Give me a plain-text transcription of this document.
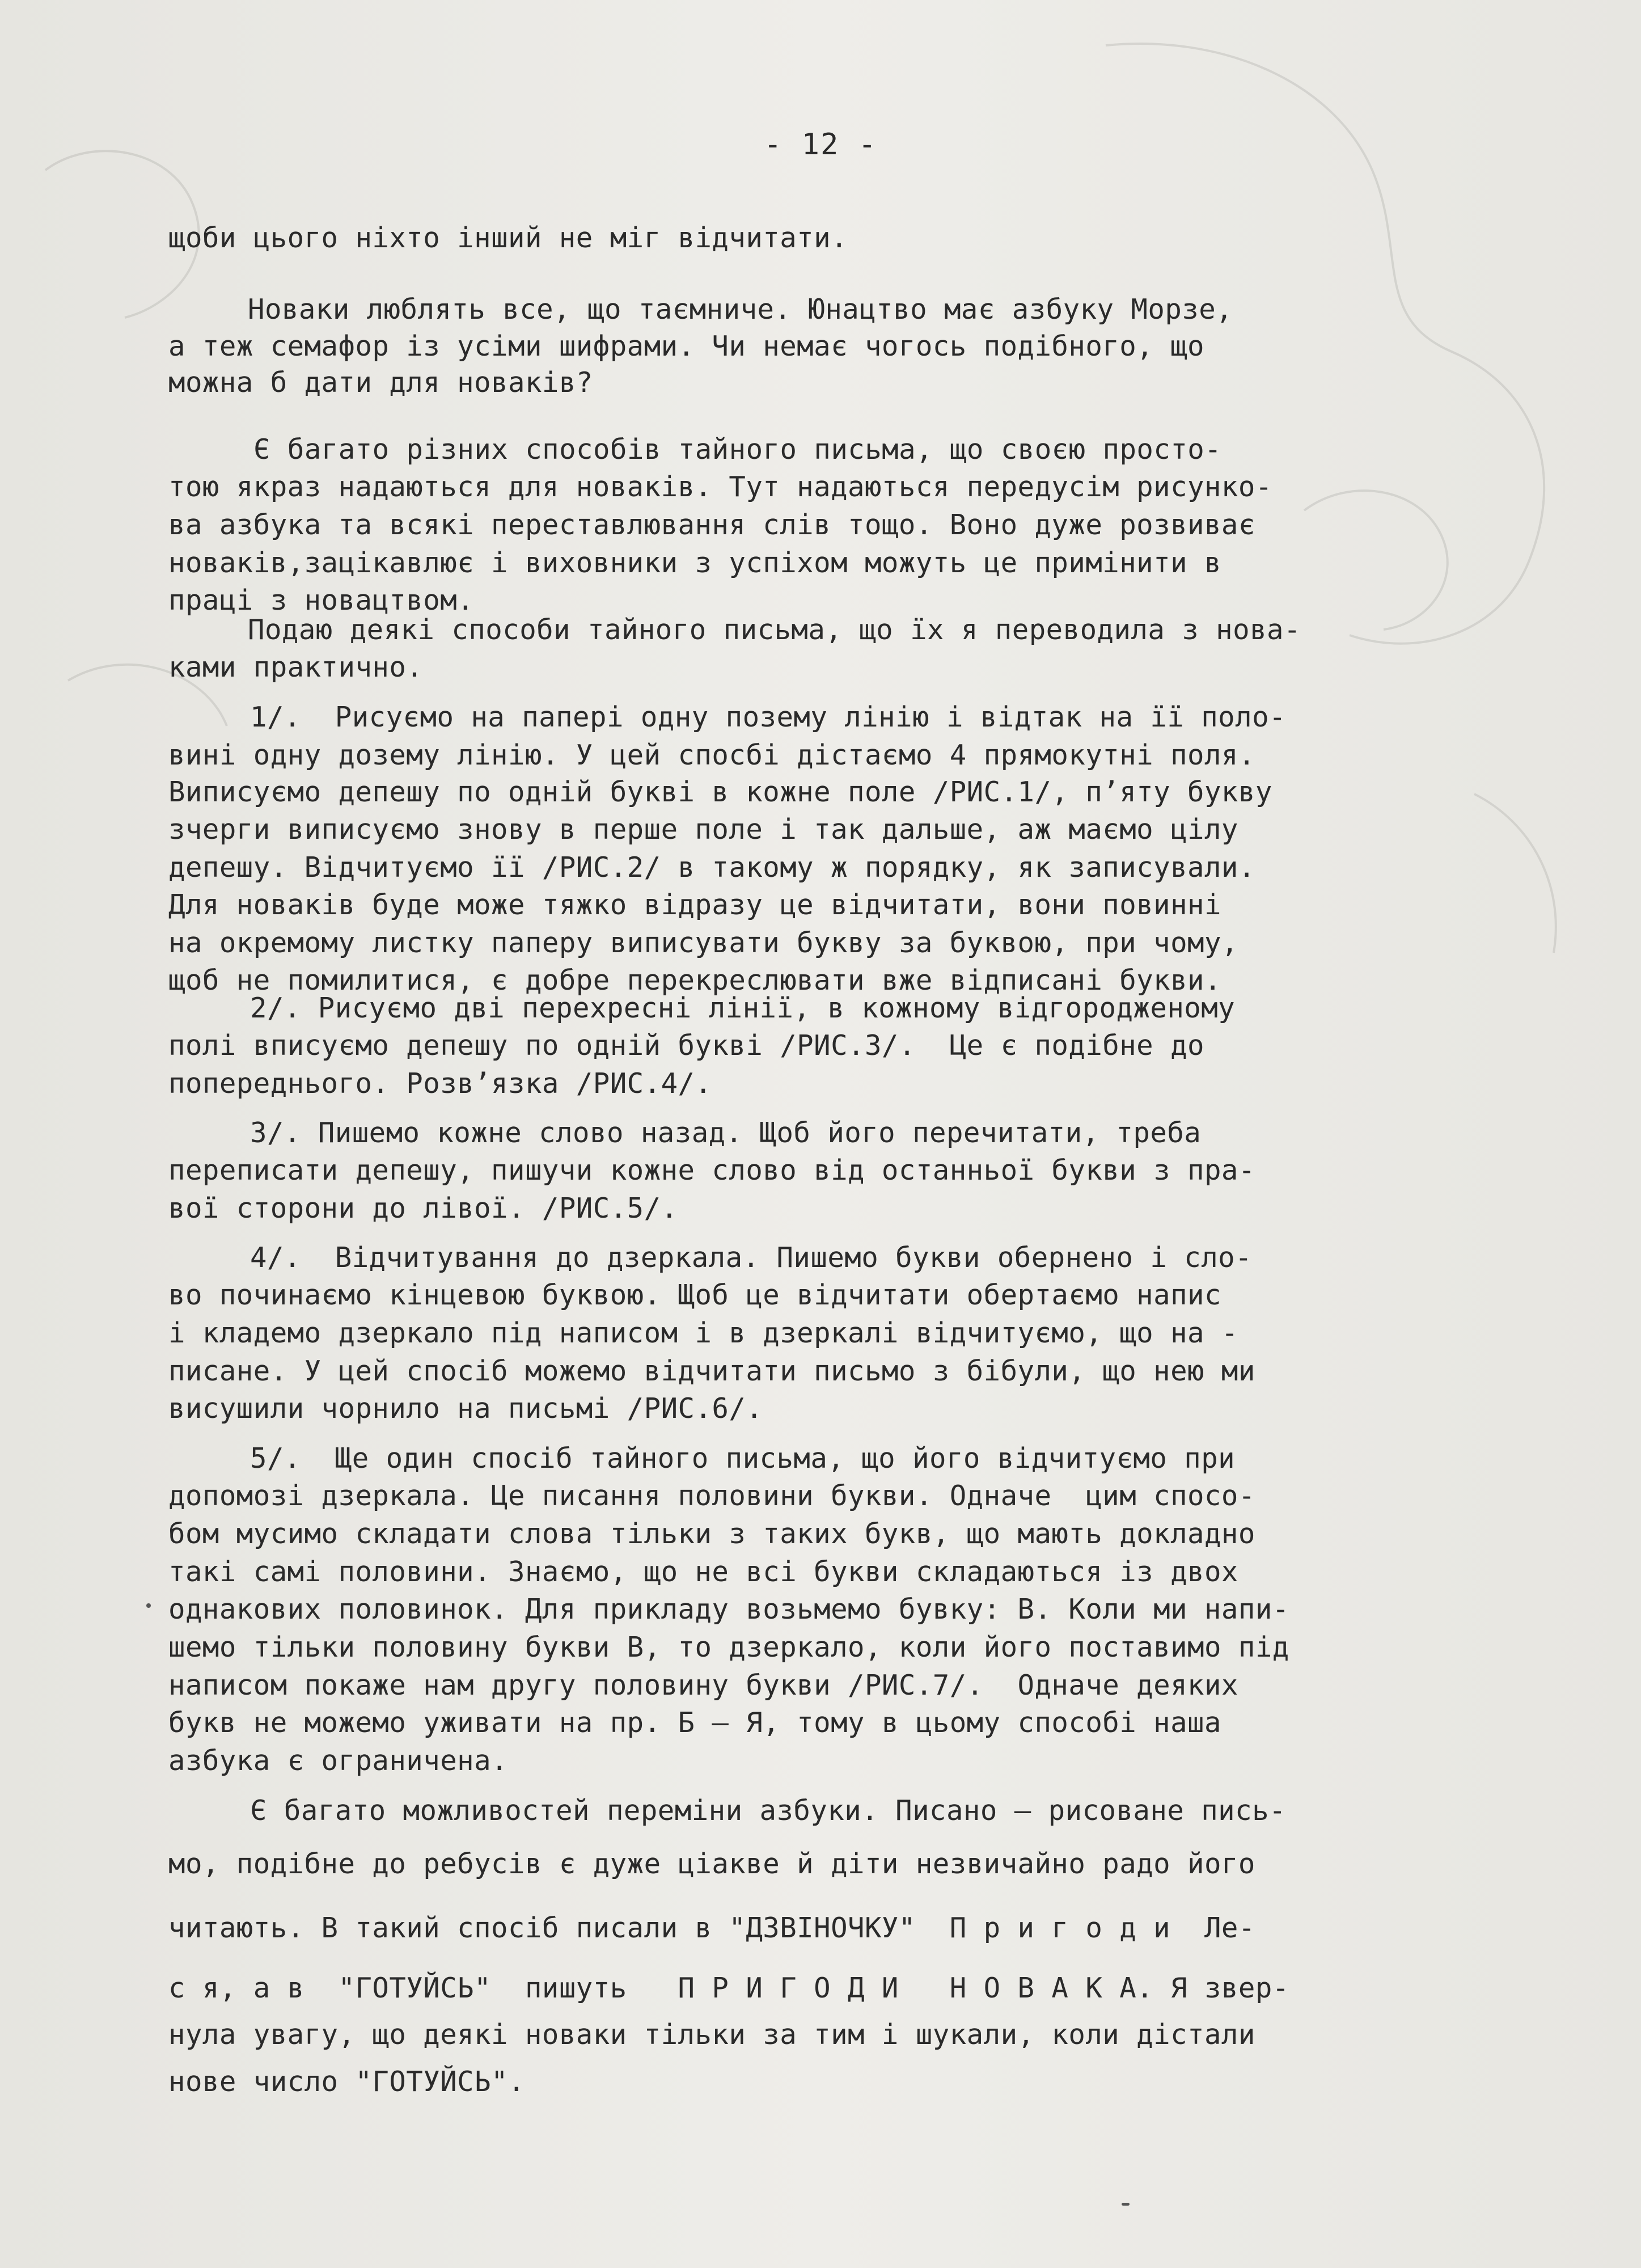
- 12 -
щоби цього ніхто інший не міг відчитати.
Новаки люблять все, що таємниче. Юнацтво має азбуку Морзе,
а теж семафор із усіми шифрами. Чи немає чогось подібного, що
можна б дати для новаків?
Є багато різних способів тайного письма, що своєю просто-
тою якраз надаються для новаків. Тут надаються передусім рисунко-
ва азбука та всякі переставлювання слів тощо. Воно дуже розвиває
новаків,зацікавлює і виховники з успіхом можуть це примінити в
праці з новацтвом.
Подаю деякі способи тайного письма, що їх я переводила з нова-
ками практично.
1/.  Рисуємо на папері одну позему лінію і відтак на її поло-
вині одну дозему лінію. У цей спосбі дістаємо 4 прямокутні поля.
Виписуємо депешу по одній букві в кожне поле /РИС.1/, п’яту букву
зчерги виписуємо знову в перше поле і так дальше, аж маємо цілу
депешу. Відчитуємо її /РИС.2/ в такому ж порядку, як записували.
Для новаків буде може тяжко відразу це відчитати, вони повинні
на окремому листку паперу виписувати букву за буквою, при чому,
щоб не помилитися, є добре перекреслювати вже відписані букви.
2/. Рисуємо дві перехресні лінії, в кожному відгородженому
полі вписуємо депешу по одній букві /РИС.3/.  Це є подібне до
попереднього. Розв’язка /РИС.4/.
3/. Пишемо кожне слово назад. Щоб його перечитати, треба
переписати депешу, пишучи кожне слово від останньої букви з пра-
вої сторони до лівої. /РИС.5/.
4/.  Відчитування до дзеркала. Пишемо букви обернено і сло-
во починаємо кінцевою буквою. Щоб це відчитати обертаємо напис
і кладемо дзеркало під написом і в дзеркалі відчитуємо, що на -
писане. У цей спосіб можемо відчитати письмо з бібули, що нею ми
висушили чорнило на письмі /РИС.6/.
5/.  Ще один спосіб тайного письма, що його відчитуємо при
допомозі дзеркала. Це писання половини букви. Одначе  цим спосо-
бом мусимо складати слова тільки з таких букв, що мають докладно
такі самі половини. Знаємо, що не всі букви складаються із двох
однакових половинок. Для прикладу возьмемо бувку: В. Коли ми напи-
шемо тільки половину букви В, то дзеркало, коли його поставимо під
написом покаже нам другу половину букви /РИС.7/.  Одначе деяких
букв не можемо уживати на пр. Б – Я, тому в цьому способі наша
азбука є ограничена.
Є багато можливостей переміни азбуки. Писано – рисоване пись-
мо, подібне до ребусів є дуже ціакве й діти незвичайно радо його
читають. В такий спосіб писали в "ДЗВІНОЧКУ"  П р и г о д и  Ле-
с я, а в  "ГОТУЙСЬ"  пишуть   П Р И Г О Д И   Н О В А К А. Я звер-
нула увагу, що деякі новаки тільки за тим і шукали, коли дістали
нове число "ГОТУЙСЬ".
